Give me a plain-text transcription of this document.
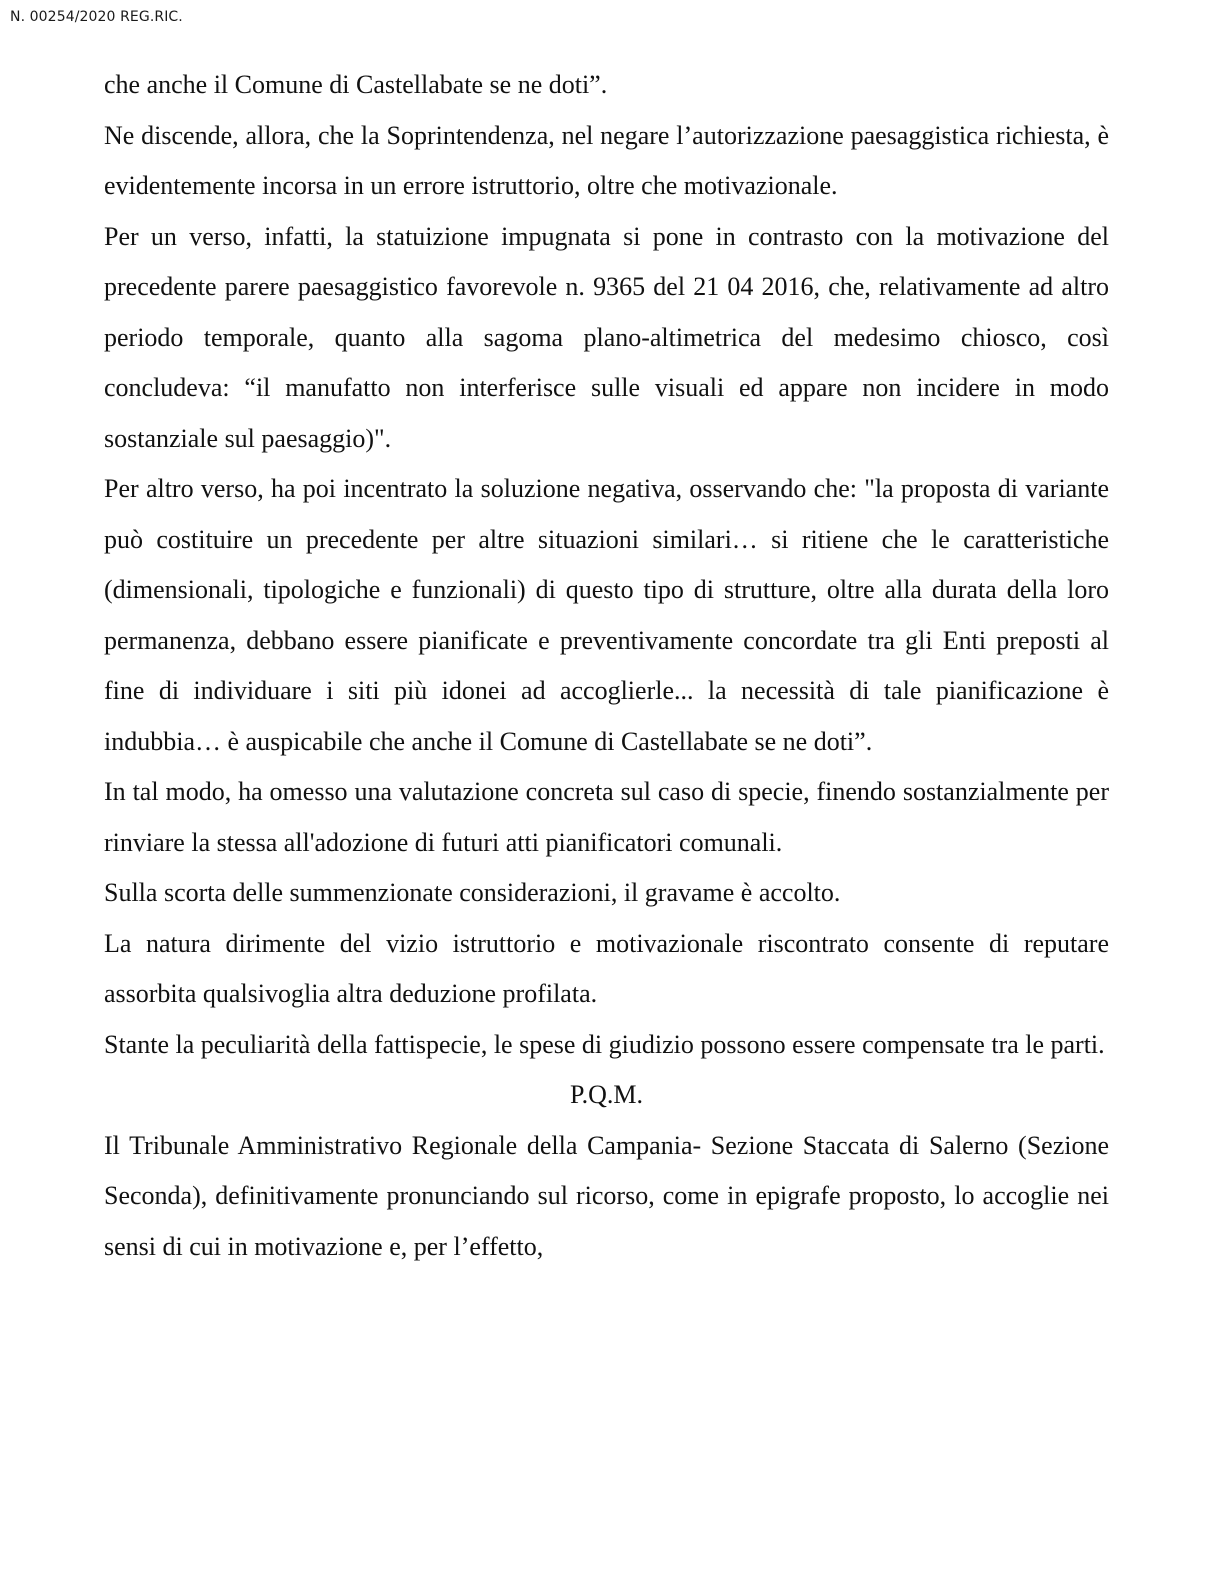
N. 00254/2020 REG.RIC.

che anche il Comune di Castellabate se ne doti”.

Ne discende, allora, che la Soprintendenza, nel negare l’autorizzazione paesaggistica richiesta, è evidentemente incorsa in un errore istruttorio, oltre che motivazionale.

Per un verso, infatti, la statuizione impugnata si pone in contrasto con la motivazione del precedente parere paesaggistico favorevole n. 9365 del 21 04 2016, che, relativamente ad altro periodo temporale, quanto alla sagoma plano-altimetrica del medesimo chiosco, così concludeva: “il manufatto non interferisce sulle visuali ed appare non incidere in modo sostanziale sul paesaggio)".

Per altro verso, ha poi incentrato la soluzione negativa, osservando che: "la proposta di variante può costituire un precedente per altre situazioni similari… si ritiene che le caratteristiche (dimensionali, tipologiche e funzionali) di questo tipo di strutture, oltre alla durata della loro permanenza, debbano essere pianificate e preventivamente concordate tra gli Enti preposti al fine di individuare i siti più idonei ad accoglierle... la necessità di tale pianificazione è indubbia… è auspicabile che anche il Comune di Castellabate se ne doti”.

In tal modo, ha omesso una valutazione concreta sul caso di specie, finendo sostanzialmente per rinviare la stessa all'adozione di futuri atti pianificatori comunali.

Sulla scorta delle summenzionate considerazioni, il gravame è accolto.

La natura dirimente del vizio istruttorio e motivazionale riscontrato consente di reputare assorbita qualsivoglia altra deduzione profilata.

Stante la peculiarità della fattispecie, le spese di giudizio possono essere compensate tra le parti.

P.Q.M.

Il Tribunale Amministrativo Regionale della Campania- Sezione Staccata di Salerno (Sezione Seconda), definitivamente pronunciando sul ricorso, come in epigrafe proposto, lo accoglie nei sensi di cui in motivazione e, per l’effetto,
